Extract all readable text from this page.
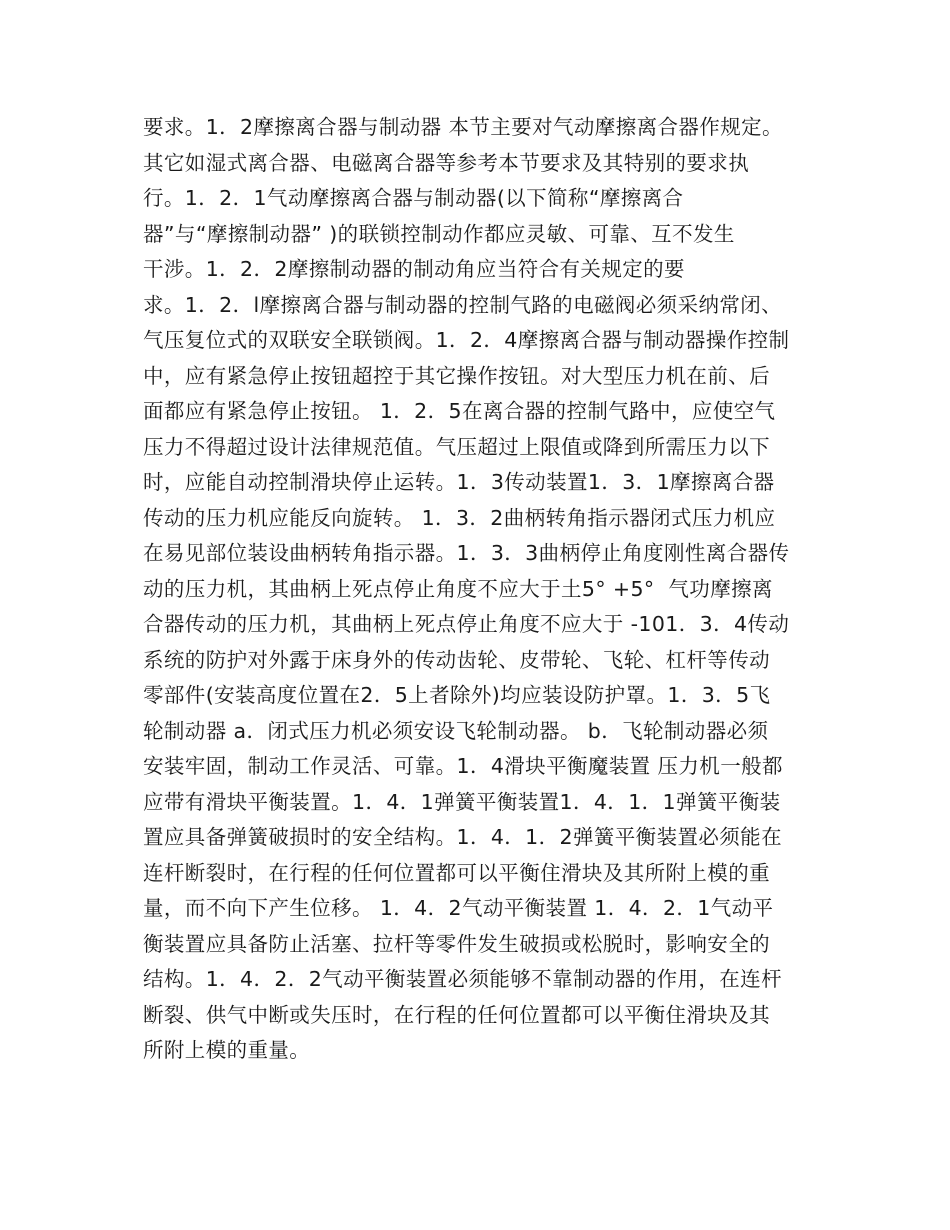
要求。1．2摩擦离合器与制动器 本节主要对气动摩擦离合器作规定。
其它如湿式离合器、电磁离合器等参考本节要求及其特别的要求执
行。1．2．1气动摩擦离合器与制动器(以下简称“摩擦离合
器”与“摩擦制动器” )的联锁控制动作都应灵敏、可靠、互不发生
干涉。1．2．2摩擦制动器的制动角应当符合有关规定的要
求。1．2．l摩擦离合器与制动器的控制气路的电磁阀必须采纳常闭、
气压复位式的双联安全联锁阀。1．2．4摩擦离合器与制动器操作控制
中，应有紧急停止按钮超控于其它操作按钮。对大型压力机在前、后
面都应有紧急停止按钮。 1．2．5在离合器的控制气路中，应使空气
压力不得超过设计法律规范值。气压超过上限值或降到所需压力以下
时，应能自动控制滑块停止运转。1．3传动装置1．3．1摩擦离合器
传动的压力机应能反向旋转。 1．3．2曲柄转角指示器闭式压力机应
在易见部位装设曲柄转角指示器。1．3．3曲柄停止角度刚性离合器传
动的压力机，其曲柄上死点停止角度不应大于土5° +5°  气功摩擦离
合器传动的压力机，其曲柄上死点停止角度不应大于 -101．3．4传动
系统的防护对外露于床身外的传动齿轮、皮带轮、飞轮、杠杆等传动
零部件(安装高度位置在2．5上者除外)均应装设防护罩。1．3．5飞
轮制动器 a．闭式压力机必须安设飞轮制动器。 b．飞轮制动器必须
安装牢固，制动工作灵活、可靠。1．4滑块平衡魔装置 压力机一般都
应带有滑块平衡装置。1．4．1弹簧平衡装置1．4．1．1弹簧平衡装
置应具备弹簧破损时的安全结构。1．4．1．2弹簧平衡装置必须能在
连杆断裂时，在行程的任何位置都可以平衡住滑块及其所附上模的重
量，而不向下产生位移。 1．4．2气动平衡装置 1．4．2．1气动平
衡装置应具备防止活塞、拉杆等零件发生破损或松脱时，影响安全的
结构。1．4．2．2气动平衡装置必须能够不靠制动器的作用，在连杆
断裂、供气中断或失压时，在行程的任何位置都可以平衡住滑块及其
所附上模的重量。
